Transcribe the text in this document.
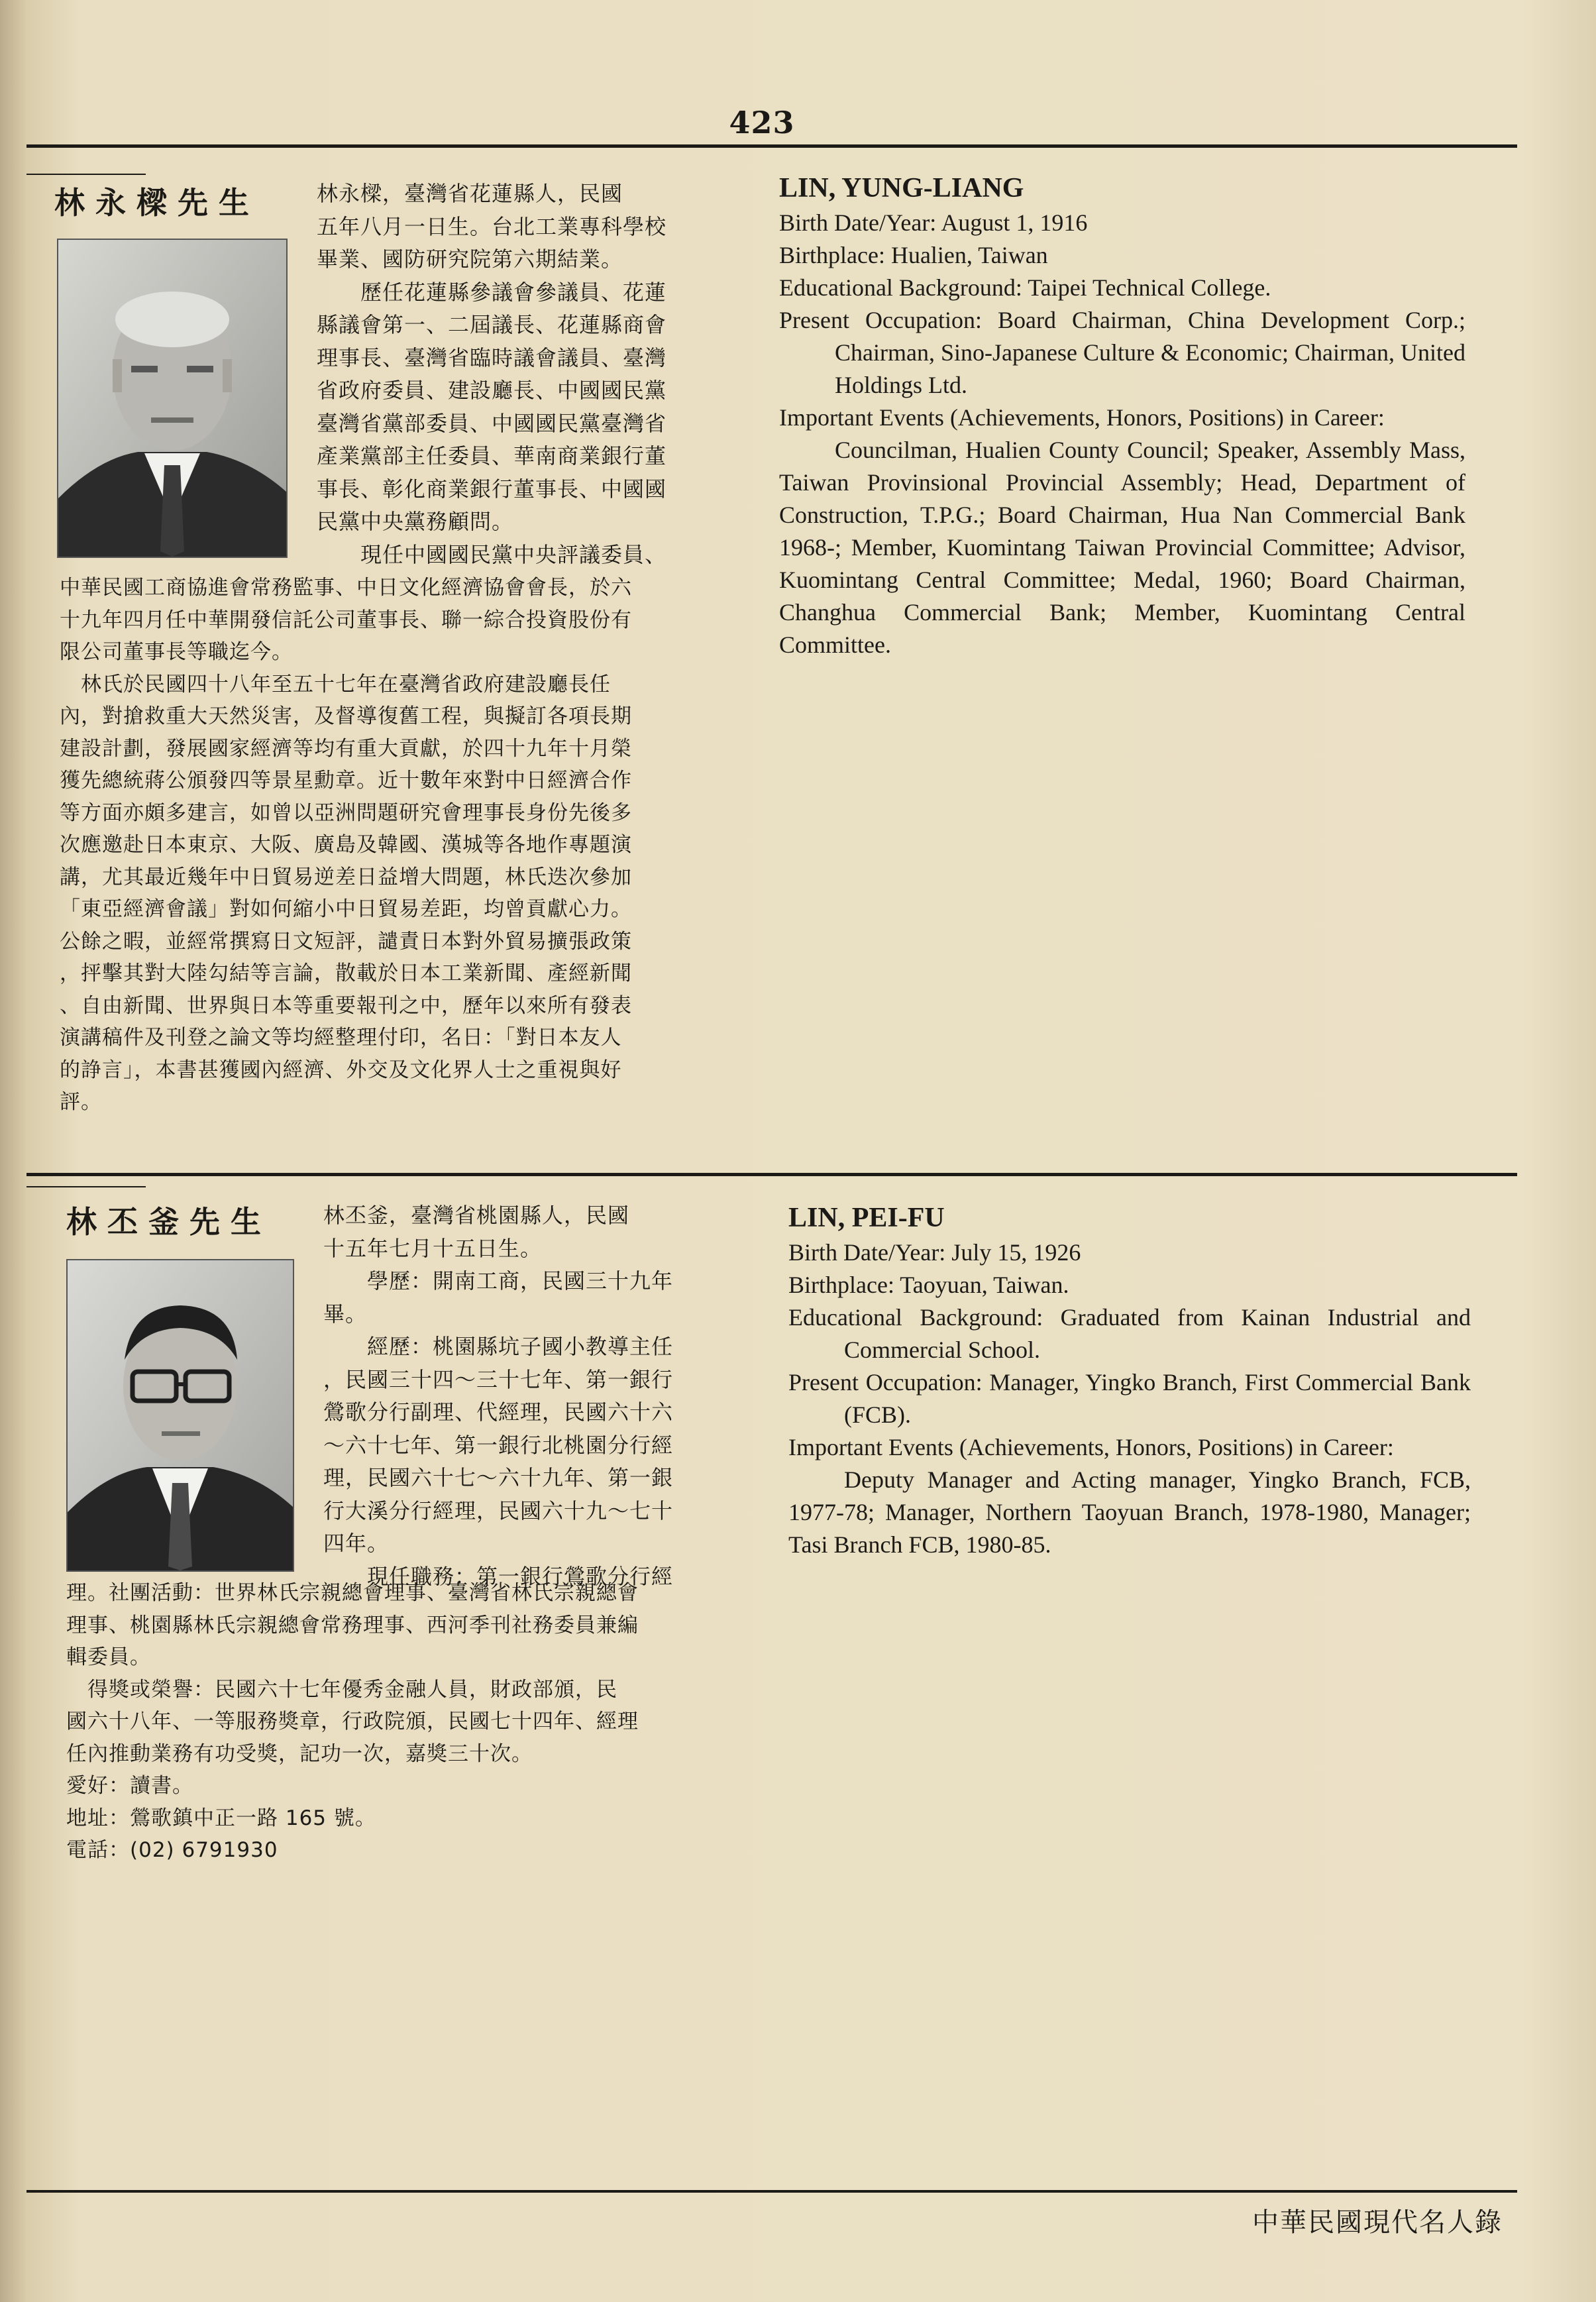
423
林永樑先生	林永樑，臺灣省花蓮縣人，民國
五年八月一日生。台北工業專科學校
畢業、國防研究院第六期結業。
　　歷任花蓮縣參議會參議員、花蓮
縣議會第一、二屆議長、花蓮縣商會
理事長、臺灣省臨時議會議員、臺灣
省政府委員、建設廳長、中國國民黨
臺灣省黨部委員、中國國民黨臺灣省
產業黨部主任委員、華南商業銀行董
事長、彰化商業銀行董事長、中國國
民黨中央黨務顧問。
　　現任中國國民黨中央評議委員、
中華民國工商協進會常務監事、中日文化經濟協會會長，於六
十九年四月任中華開發信託公司董事長、聯一綜合投資股份有
限公司董事長等職迄今。
　林氏於民國四十八年至五十七年在臺灣省政府建設廳長任
內，對搶救重大天然災害，及督導復舊工程，與擬訂各項長期
建設計劃，發展國家經濟等均有重大貢獻，於四十九年十月榮
獲先總統蔣公頒發四等景星勳章。近十數年來對中日經濟合作
等方面亦頗多建言，如曾以亞洲問題研究會理事長身份先後多
次應邀赴日本東京、大阪、廣島及韓國、漢城等各地作專題演
講，尤其最近幾年中日貿易逆差日益增大問題，林氏迭次參加
「東亞經濟會議」對如何縮小中日貿易差距，均曾貢獻心力。
公餘之暇，並經常撰寫日文短評，譴責日本對外貿易擴張政策
，抨擊其對大陸勾結等言論，散載於日本工業新聞、產經新聞
、自由新聞、世界與日本等重要報刊之中，歷年以來所有發表
演講稿件及刊登之論文等均經整理付印，名日：「對日本友人
的諍言」，本書甚獲國內經濟、外交及文化界人士之重視與好
評。

LIN, YUNG-LIANG

Birth Date/Year: August 1, 1916

Birthplace: Hualien, Taiwan

Educational Background: Taipei Technical College.

Present Occupation: Board Chairman, China Development Corp.; Chairman, Sino-Japanese Culture & Economic; Chairman, United Holdings Ltd.

Important Events (Achievements, Honors, Positions) in Career:

Councilman, Hualien County Council; Speaker, Assembly Mass, Taiwan Provinsional Provincial Assembly; Head, Department of Construction, T.P.G.; Board Chairman, Hua Nan Commercial Bank 1968-; Member, Kuomintang Taiwan Provincial Committee; Advisor, Kuomintang Central Committee; Medal, 1960; Board Chairman, Changhua Commercial Bank; Member, Kuomintang Central Committee.

林丕釜先生 林丕釜，臺灣省桃園縣人，民國
十五年七月十五日生。
　　學歷：開南工商，民國三十九年
畢。
　　經歷：桃園縣坑子國小教導主任
，民國三十四～三十七年、第一銀行
鶯歌分行副理、代經理，民國六十六
～六十七年、第一銀行北桃園分行經
理，民國六十七～六十九年、第一銀
行大溪分行經理，民國六十九～七十
四年。
　　現任職務：第一銀行鶯歌分行經
理。社團活動：世界林氏宗親總會理事、臺灣省林氏宗親總會
理事、桃園縣林氏宗親總會常務理事、西河季刊社務委員兼編
輯委員。
　得獎或榮譽：民國六十七年優秀金融人員，財政部頒，民
國六十八年、一等服務獎章，行政院頒，民國七十四年、經理
任內推動業務有功受獎，記功一次，嘉獎三十次。
愛好：讀書。
地址：鶯歌鎮中正一路 165 號。
電話：(02) 6791930

LIN, PEI-FU

Birth Date/Year: July 15, 1926

Birthplace: Taoyuan, Taiwan.

Educational Background: Graduated from Kainan Industrial and Commercial School.

Present Occupation: Manager, Yingko Branch, First Commercial Bank (FCB).

Important Events (Achievements, Honors, Positions) in Career:

Deputy Manager and Acting manager, Yingko Branch, FCB, 1977-78; Manager, Northern Taoyuan Branch, 1978-1980, Manager; Tasi Branch FCB, 1980-85.

中華民國現代名人錄
